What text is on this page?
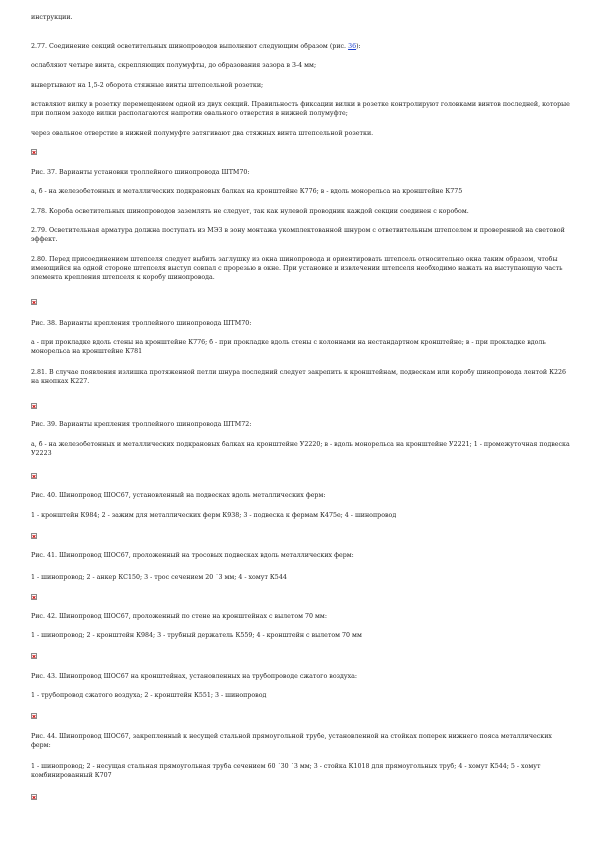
инструкции.

2.77. Соединение секций осветительных шинопроводов выполняют следующим образом (рис. 36):

ослабляют четыре винта, скрепляющих полумуфты, до образования зазора в 3-4 мм;

вывертывают на 1,5-2 оборота стяжные винты штепсельной розетки;

вставляют вилку в розетку перемещением одной из двух секций. Правильность фиксации вилки в розетке контролируют головками винтов последней, которые при полном заходе вилки располагаются напротив овального отверстия в нижней полумуфте;

через овальное отверстие в нижней полумуфте затягивают два стяжных винта штепсельной розетки.

Рис. 37. Варианты установки троллейного шинопровода ШТМ70:

а, б - на железобетонных и металлических подкрановых балках на кронштейне К776; в - вдоль монорельса на кронштейне К775

2.78. Короба осветительных шинопроводов заземлять не следует, так как нулевой проводник каждой секции соединен с коробом.

2.79. Осветительная арматура должна поступать из МЭЗ в зону монтажа укомплектованной шнуром с ответвительным штепселем и проверенной на световой эффект.

2.80. Перед присоединением штепселя следует выбить заглушку из окна шинопровода и ориентировать штепсель относительно окна таким образом, чтобы имеющийся на одной стороне штепселя выступ совпал с прорезью в окне. При установке и извлечении штепселя необходимо нажать на выступающую часть элемента крепления штепселя к коробу шинопровода.

Рис. 38. Варианты крепления троллейного шинопровода ШТМ70:

а - при прокладке вдоль стены на кронштейне К776; б - при прокладке вдоль стены с колоннами на нестандартном кронштейне; в - при прокладке вдоль монорельса на кронштейне К781

2.81. В случае появления излишка протяженной петли шнура последний следует закрепить к кронштейнам, подвескам или коробу шинопровода лентой К226 на кнопках К227.

Рис. 39. Варианты крепления троллейного шинопровода ШТМ72:

а, б - на железобетонных и металлических подкрановых балках на кронштейне У2220; в - вдоль монорельса на кронштейне У2221; 1 - промежуточная подвеска У2223

Рис. 40. Шинопровод ШОС67, установленный на подвесках вдоль металлических ферм:

1 - кронштейн К984; 2 - зажим для металлических ферм К938; 3 - подвеска к фермам К475е; 4 - шинопровод

Рис. 41. Шинопровод ШОС67, проложенный на тросовых подвесках вдоль металлических ферм:

1 - шинопровод; 2 - анкер КС150; 3 - трос сечением 20 ´3 мм; 4 - хомут К544

Рис. 42. Шинопровод ШОС67, проложенный по стене на кронштейнах с вылетом 70 мм:

1 - шинопровод; 2 - кронштейн К984; 3 - трубный держатель К559; 4 - кронштейн с вылетом 70 мм

Рис. 43. Шинопровод ШОС67 на кронштейнах, установленных на трубопроводе сжатого воздуха:

1 - трубопровод сжатого воздуха; 2 - кронштейн К551; 3 - шинопровод

Рис. 44. Шинопровод ШОС67, закрепленный к несущей стальной прямоугольной трубе, установленной на стойках поперек нижнего пояса металлических ферм:

1 - шинопровод; 2 - несущая стальная прямоугольная труба сечением 60 ´30 ´3 мм; 3 - стойка К1018 для прямоугольных труб; 4 - хомут К544; 5 - хомут комбинированный К707
